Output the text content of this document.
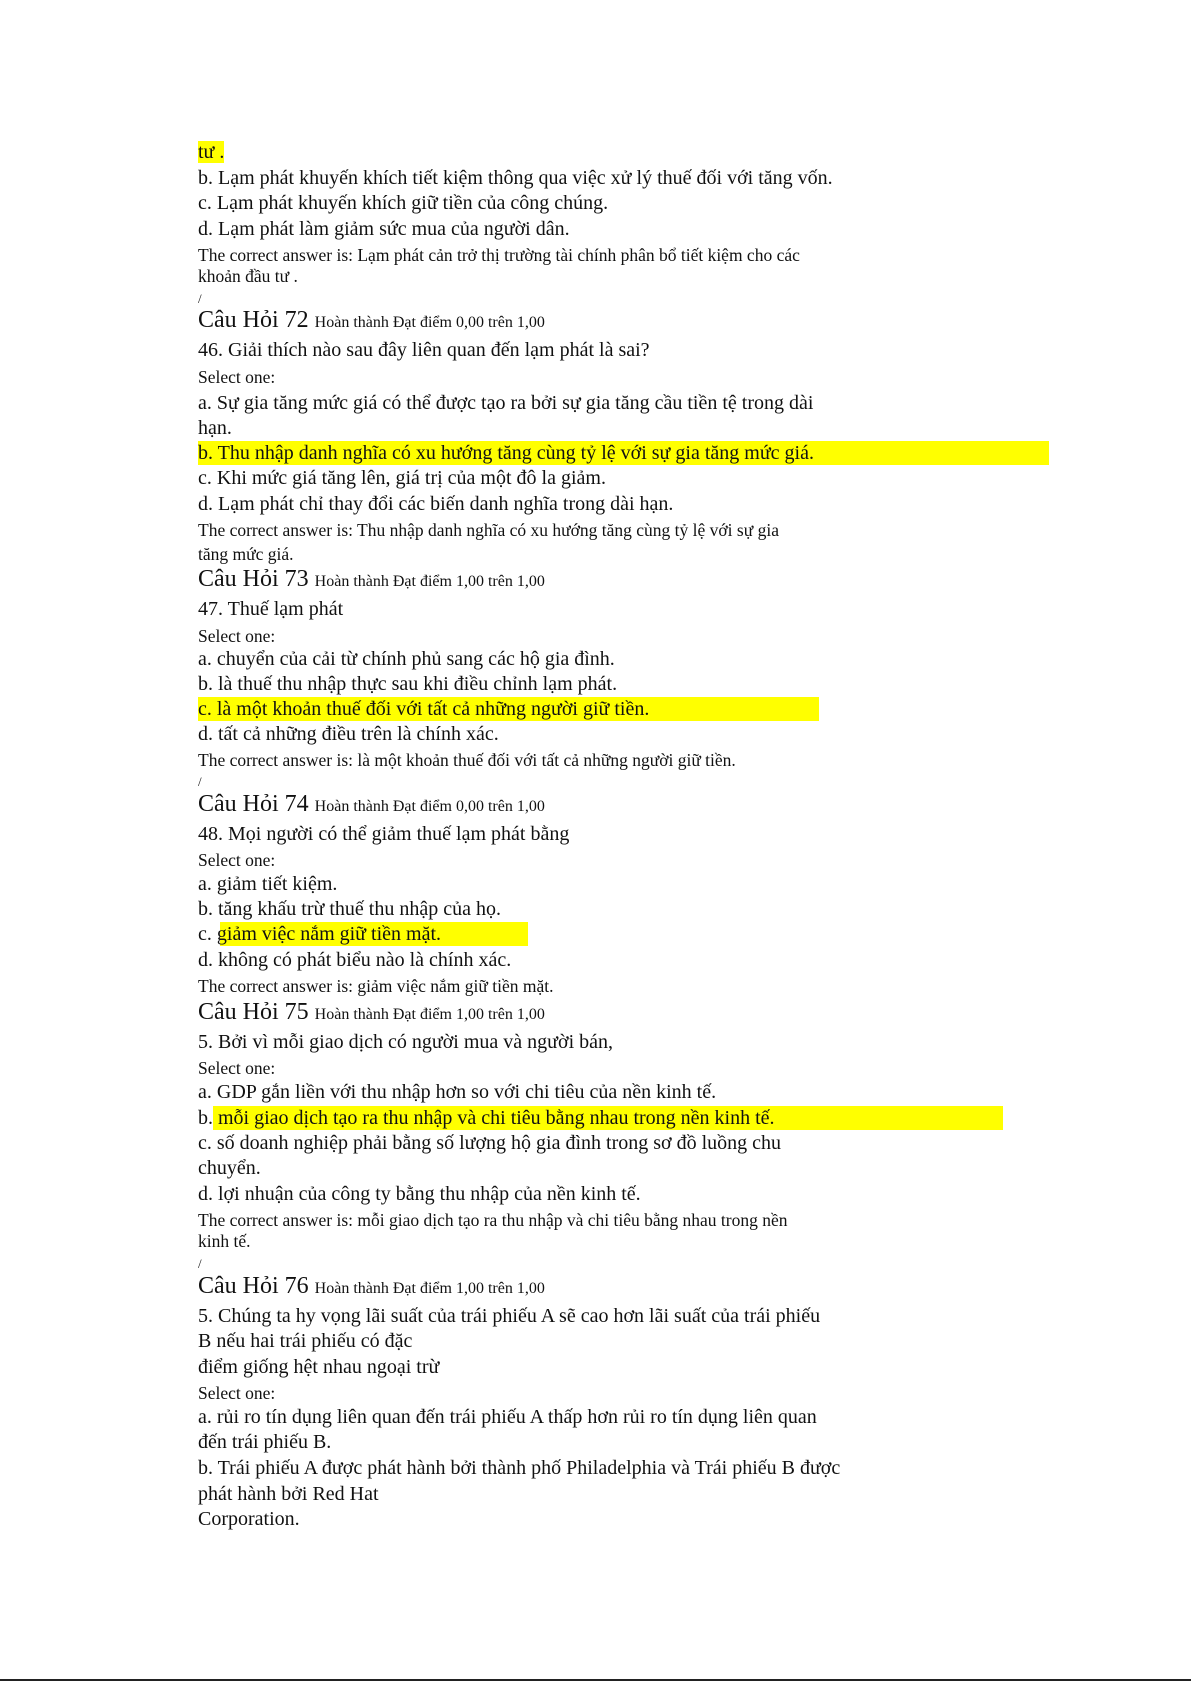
tư .
b. Lạm phát khuyến khích tiết kiệm thông qua việc xử lý thuế đối với tăng vốn.
c. Lạm phát khuyến khích giữ tiền của công chúng.
d. Lạm phát làm giảm sức mua của người dân.
The correct answer is: Lạm phát cản trở thị trường tài chính phân bổ tiết kiệm cho các
khoản đầu tư .
/
Câu Hỏi 72 Hoàn thành Đạt điểm 0,00 trên 1,00
46. Giải thích nào sau đây liên quan đến lạm phát là sai?
Select one:
a. Sự gia tăng mức giá có thể được tạo ra bởi sự gia tăng cầu tiền tệ trong dài
hạn.
b. Thu nhập danh nghĩa có xu hướng tăng cùng tỷ lệ với sự gia tăng mức giá.
c. Khi mức giá tăng lên, giá trị của một đô la giảm.
d. Lạm phát chỉ thay đổi các biến danh nghĩa trong dài hạn.
The correct answer is: Thu nhập danh nghĩa có xu hướng tăng cùng tỷ lệ với sự gia
tăng mức giá.
Câu Hỏi 73 Hoàn thành Đạt điểm 1,00 trên 1,00
47. Thuế lạm phát
Select one:
a. chuyển của cải từ chính phủ sang các hộ gia đình.
b. là thuế thu nhập thực sau khi điều chỉnh lạm phát.
c. là một khoản thuế đối với tất cả những người giữ tiền.
d. tất cả những điều trên là chính xác.
The correct answer is: là một khoản thuế đối với tất cả những người giữ tiền.
/
Câu Hỏi 74 Hoàn thành Đạt điểm 0,00 trên 1,00
48. Mọi người có thể giảm thuế lạm phát bằng
Select one:
a. giảm tiết kiệm.
b. tăng khấu trừ thuế thu nhập của họ.
c. giảm việc nắm giữ tiền mặt.
d. không có phát biểu nào là chính xác.
The correct answer is: giảm việc nắm giữ tiền mặt.
Câu Hỏi 75 Hoàn thành Đạt điểm 1,00 trên 1,00
5. Bởi vì mỗi giao dịch có người mua và người bán,
Select one:
a. GDP gắn liền với thu nhập hơn so với chi tiêu của nền kinh tế.
b. mỗi giao dịch tạo ra thu nhập và chi tiêu bằng nhau trong nền kinh tế.
c. số doanh nghiệp phải bằng số lượng hộ gia đình trong sơ đồ luồng chu
chuyển.
d. lợi nhuận của công ty bằng thu nhập của nền kinh tế.
The correct answer is: mỗi giao dịch tạo ra thu nhập và chi tiêu bằng nhau trong nền
kinh tế.
/
Câu Hỏi 76 Hoàn thành Đạt điểm 1,00 trên 1,00
5. Chúng ta hy vọng lãi suất của trái phiếu A sẽ cao hơn lãi suất của trái phiếu
B nếu hai trái phiếu có đặc
điểm giống hệt nhau ngoại trừ
Select one:
a. rủi ro tín dụng liên quan đến trái phiếu A thấp hơn rủi ro tín dụng liên quan
đến trái phiếu B.
b. Trái phiếu A được phát hành bởi thành phố Philadelphia và Trái phiếu B được
phát hành bởi Red Hat
Corporation.
